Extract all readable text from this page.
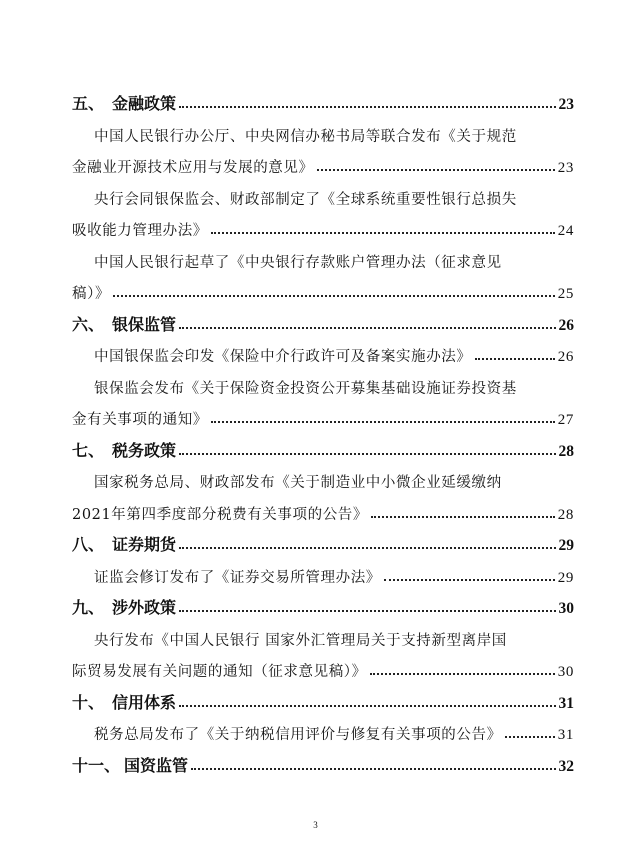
五、 金融政策	23
中国人民银行办公厅、中央网信办秘书局等联合发布《关于规范
金融业开源技术应用与发展的意见》	23
央行会同银保监会、财政部制定了《全球系统重要性银行总损失
吸收能力管理办法》	24
中国人民银行起草了《中央银行存款账户管理办法（征求意见
稿）》	25
六、 银保监管	26
中国银保监会印发《保险中介行政许可及备案实施办法》	26
银保监会发布《关于保险资金投资公开募集基础设施证券投资基
金有关事项的通知》	27
七、 税务政策	28
国家税务总局、财政部发布《关于制造业中小微企业延缓缴纳
2021年第四季度部分税费有关事项的公告》	28
八、 证券期货	29
证监会修订发布了《证券交易所管理办法》	29
九、 涉外政策	30
央行发布《中国人民银行 国家外汇管理局关于支持新型离岸国
际贸易发展有关问题的通知（征求意见稿）》	30
十、 信用体系	31
税务总局发布了《关于纳税信用评价与修复有关事项的公告》	31
十一、 国资监管	32
3
